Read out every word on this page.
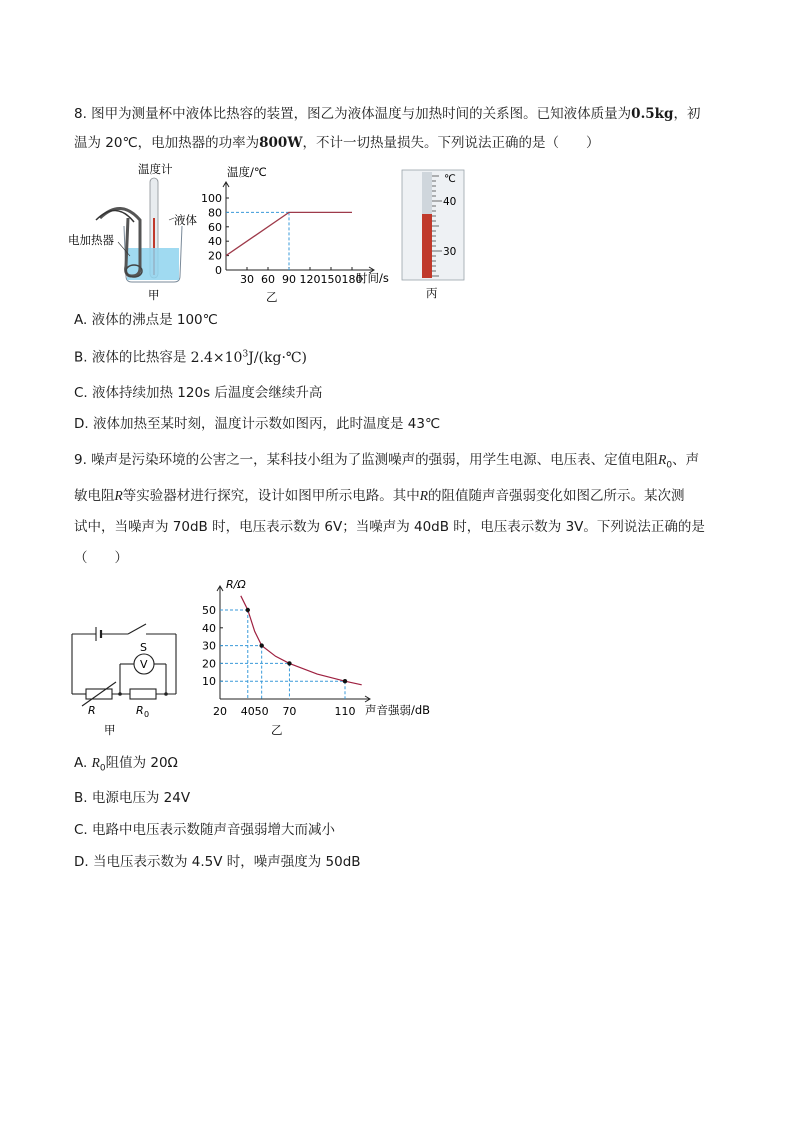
8. 图甲为测量杯中液体比热容的装置，图乙为液体温度与加热时间的关系图。已知液体质量为0.5kg，初
温为 20℃，电加热器的功率为800W，不计一切热量损失。下列说法正确的是（　　）
温度计
液体
电加热器
甲
温度/℃
时间/s
乙
0
20
40
60
80
100
30 60 90 120 150 180
℃
40
30
丙
A. 液体的沸点是 100℃
B. 液体的比热容是 $2.4\times 10^3J/(kg\cdot℃)$
C. 液体持续加热 120s 后温度会继续升高
D. 液体加热至某时刻，温度计示数如图丙，此时温度是 43℃
9. 噪声是污染环境的公害之一，某科技小组为了监测噪声的强弱，用学生电源、电压表、定值电阻$R_0$、声
敏电阻R等实验器材进行探究，设计如图甲所示电路。其中R的阻值随声音强弱变化如图乙所示。某次测
试中，当噪声为 70dB 时，电压表示数为 6V；当噪声为 40dB 时，电压表示数为 3V。下列说法正确的是
（　　）
S
V
R	R 0
甲
R/Ω
声音强弱/dB
乙
10
20
30
40
50
20 40 50 70	110
A. $R_0$阻值为 20Ω
B. 电源电压为 24V
C. 电路中电压表示数随声音强弱增大而减小
D. 当电压表示数为 4.5V 时，噪声强度为 50dB
